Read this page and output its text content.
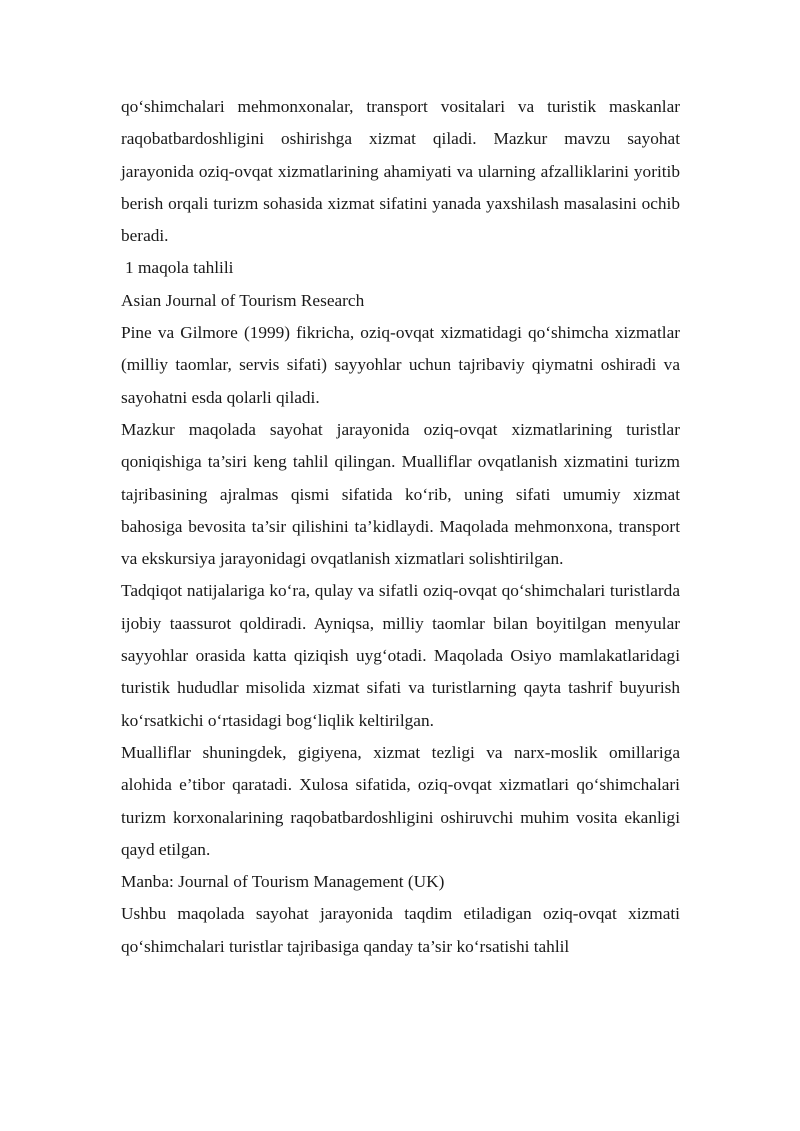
qo‘shimchalari mehmonxonalar, transport vositalari va turistik maskanlar raqobatbardoshligini oshirishga xizmat qiladi. Mazkur mavzu sayohat jarayonida oziq-ovqat xizmatlarining ahamiyati va ularning afzalliklarini yoritib berish orqali turizm sohasida xizmat sifatini yanada yaxshilash masalasini ochib beradi.

1 maqola tahlili

Asian Journal of Tourism Research

Pine va Gilmore (1999) fikricha, oziq-ovqat xizmatidagi qo‘shimcha xizmatlar (milliy taomlar, servis sifati) sayyohlar uchun tajribaviy qiymatni oshiradi va sayohatni esda qolarli qiladi.

Mazkur maqolada sayohat jarayonida oziq-ovqat xizmatlarining turistlar qoniqishiga ta’siri keng tahlil qilingan. Mualliflar ovqatlanish xizmatini turizm tajribasining ajralmas qismi sifatida ko‘rib, uning sifati umumiy xizmat bahosiga bevosita ta’sir qilishini ta’kidlaydi. Maqolada mehmonxona, transport va ekskursiya jarayonidagi ovqatlanish xizmatlari solishtirilgan.

Tadqiqot natijalariga ko‘ra, qulay va sifatli oziq-ovqat qo‘shimchalari turistlarda ijobiy taassurot qoldiradi. Ayniqsa, milliy taomlar bilan boyitilgan menyular sayyohlar orasida katta qiziqish uyg‘otadi. Maqolada Osiyo mamlakatlaridagi turistik hududlar misolida xizmat sifati va turistlarning qayta tashrif buyurish ko‘rsatkichi o‘rtasidagi bog‘liqlik keltirilgan.

Mualliflar shuningdek, gigiyena, xizmat tezligi va narx-moslik omillariga alohida e’tibor qaratadi. Xulosa sifatida, oziq-ovqat xizmatlari qo‘shimchalari turizm korxonalarining raqobatbardoshligini oshiruvchi muhim vosita ekanligi qayd etilgan.

Manba: Journal of Tourism Management (UK)

Ushbu maqolada sayohat jarayonida taqdim etiladigan oziq-ovqat xizmati qo‘shimchalari turistlar tajribasiga qanday ta’sir ko‘rsatishi tahlil
